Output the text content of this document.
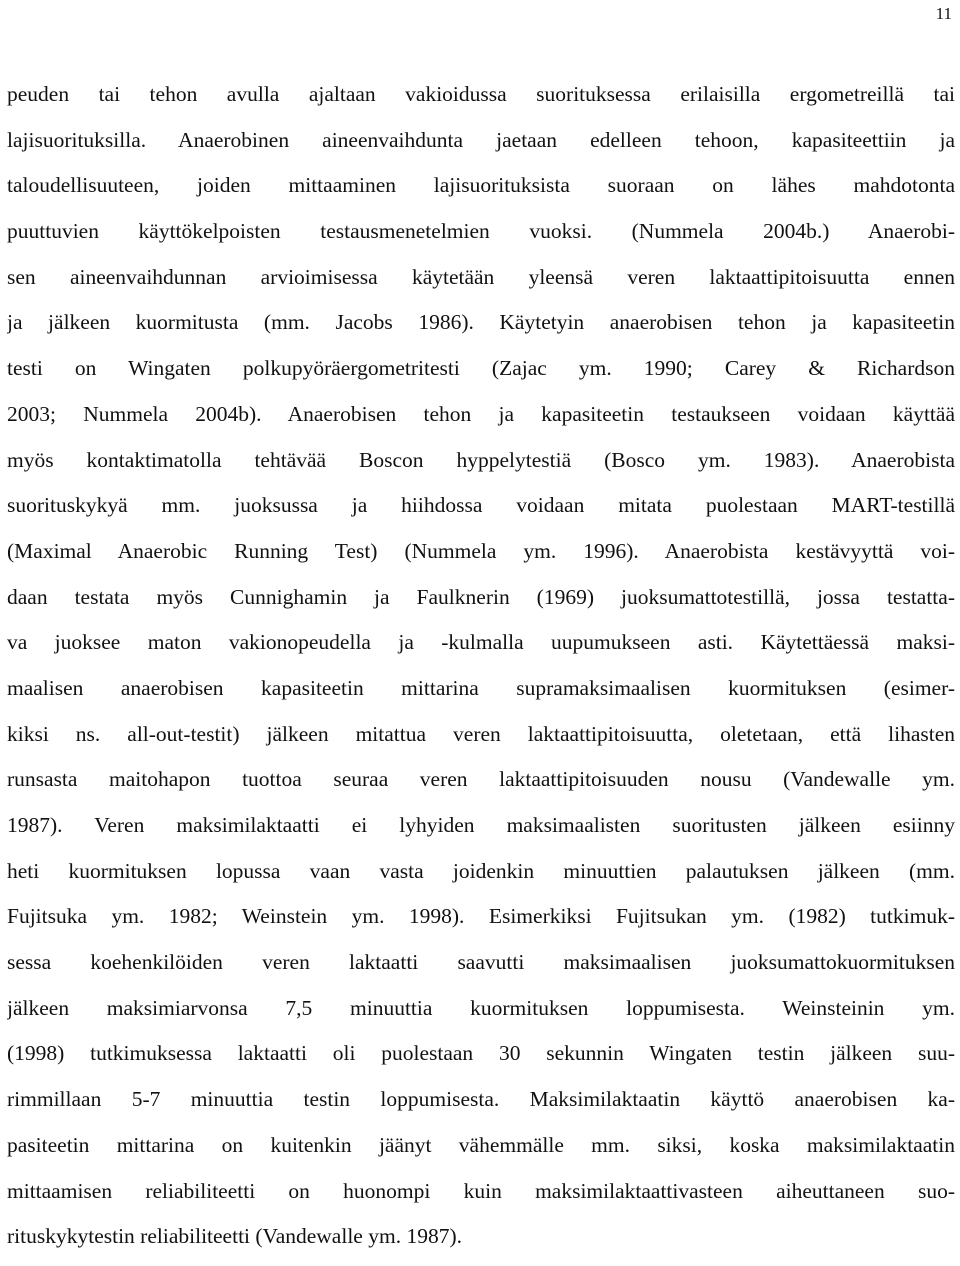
11
peuden tai tehon avulla ajaltaan vakioidussa suorituksessa erilaisilla ergometreillä tai
lajisuorituksilla. Anaerobinen aineenvaihdunta jaetaan edelleen tehoon, kapasiteettiin ja
taloudellisuuteen, joiden mittaaminen lajisuorituksista suoraan on lähes mahdotonta
puuttuvien käyttökelpoisten testausmenetelmien vuoksi. (Nummela 2004b.) Anaerobi-
sen aineenvaihdunnan arvioimisessa käytetään yleensä veren laktaattipitoisuutta ennen
ja jälkeen kuormitusta (mm. Jacobs 1986). Käytetyin anaerobisen tehon ja kapasiteetin
testi on Wingaten polkupyöräergometritesti (Zajac ym. 1990; Carey & Richardson
2003; Nummela 2004b). Anaerobisen tehon ja kapasiteetin testaukseen voidaan käyttää
myös kontaktimatolla tehtävää Boscon hyppelytestiä (Bosco ym. 1983). Anaerobista
suorituskykyä mm. juoksussa ja hiihdossa voidaan mitata puolestaan MART-testillä
(Maximal Anaerobic Running Test) (Nummela ym. 1996). Anaerobista kestävyyttä voi-
daan testata myös Cunnighamin ja Faulknerin (1969) juoksumattotestillä, jossa testatta-
va juoksee maton vakionopeudella ja -kulmalla uupumukseen asti. Käytettäessä maksi-
maalisen anaerobisen kapasiteetin mittarina supramaksimaalisen kuormituksen (esimer-
kiksi ns. all-out-testit) jälkeen mitattua veren laktaattipitoisuutta, oletetaan, että lihasten
runsasta maitohapon tuottoa seuraa veren laktaattipitoisuuden nousu (Vandewalle ym.
1987). Veren maksimilaktaatti ei lyhyiden maksimaalisten suoritusten jälkeen esiinny
heti kuormituksen lopussa vaan vasta joidenkin minuuttien palautuksen jälkeen (mm.
Fujitsuka ym. 1982; Weinstein ym. 1998). Esimerkiksi Fujitsukan ym. (1982) tutkimuk-
sessa koehenkilöiden veren laktaatti saavutti maksimaalisen juoksumattokuormituksen
jälkeen maksimiarvonsa 7,5 minuuttia kuormituksen loppumisesta. Weinsteinin ym.
(1998) tutkimuksessa laktaatti oli puolestaan 30 sekunnin Wingaten testin jälkeen suu-
rimmillaan 5-7 minuuttia testin loppumisesta. Maksimilaktaatin käyttö anaerobisen ka-
pasiteetin mittarina on kuitenkin jäänyt vähemmälle mm. siksi, koska maksimilaktaatin
mittaamisen reliabiliteetti on huonompi kuin maksimilaktaattivasteen aiheuttaneen suo-
rituskykytestin reliabiliteetti (Vandewalle ym. 1987).
